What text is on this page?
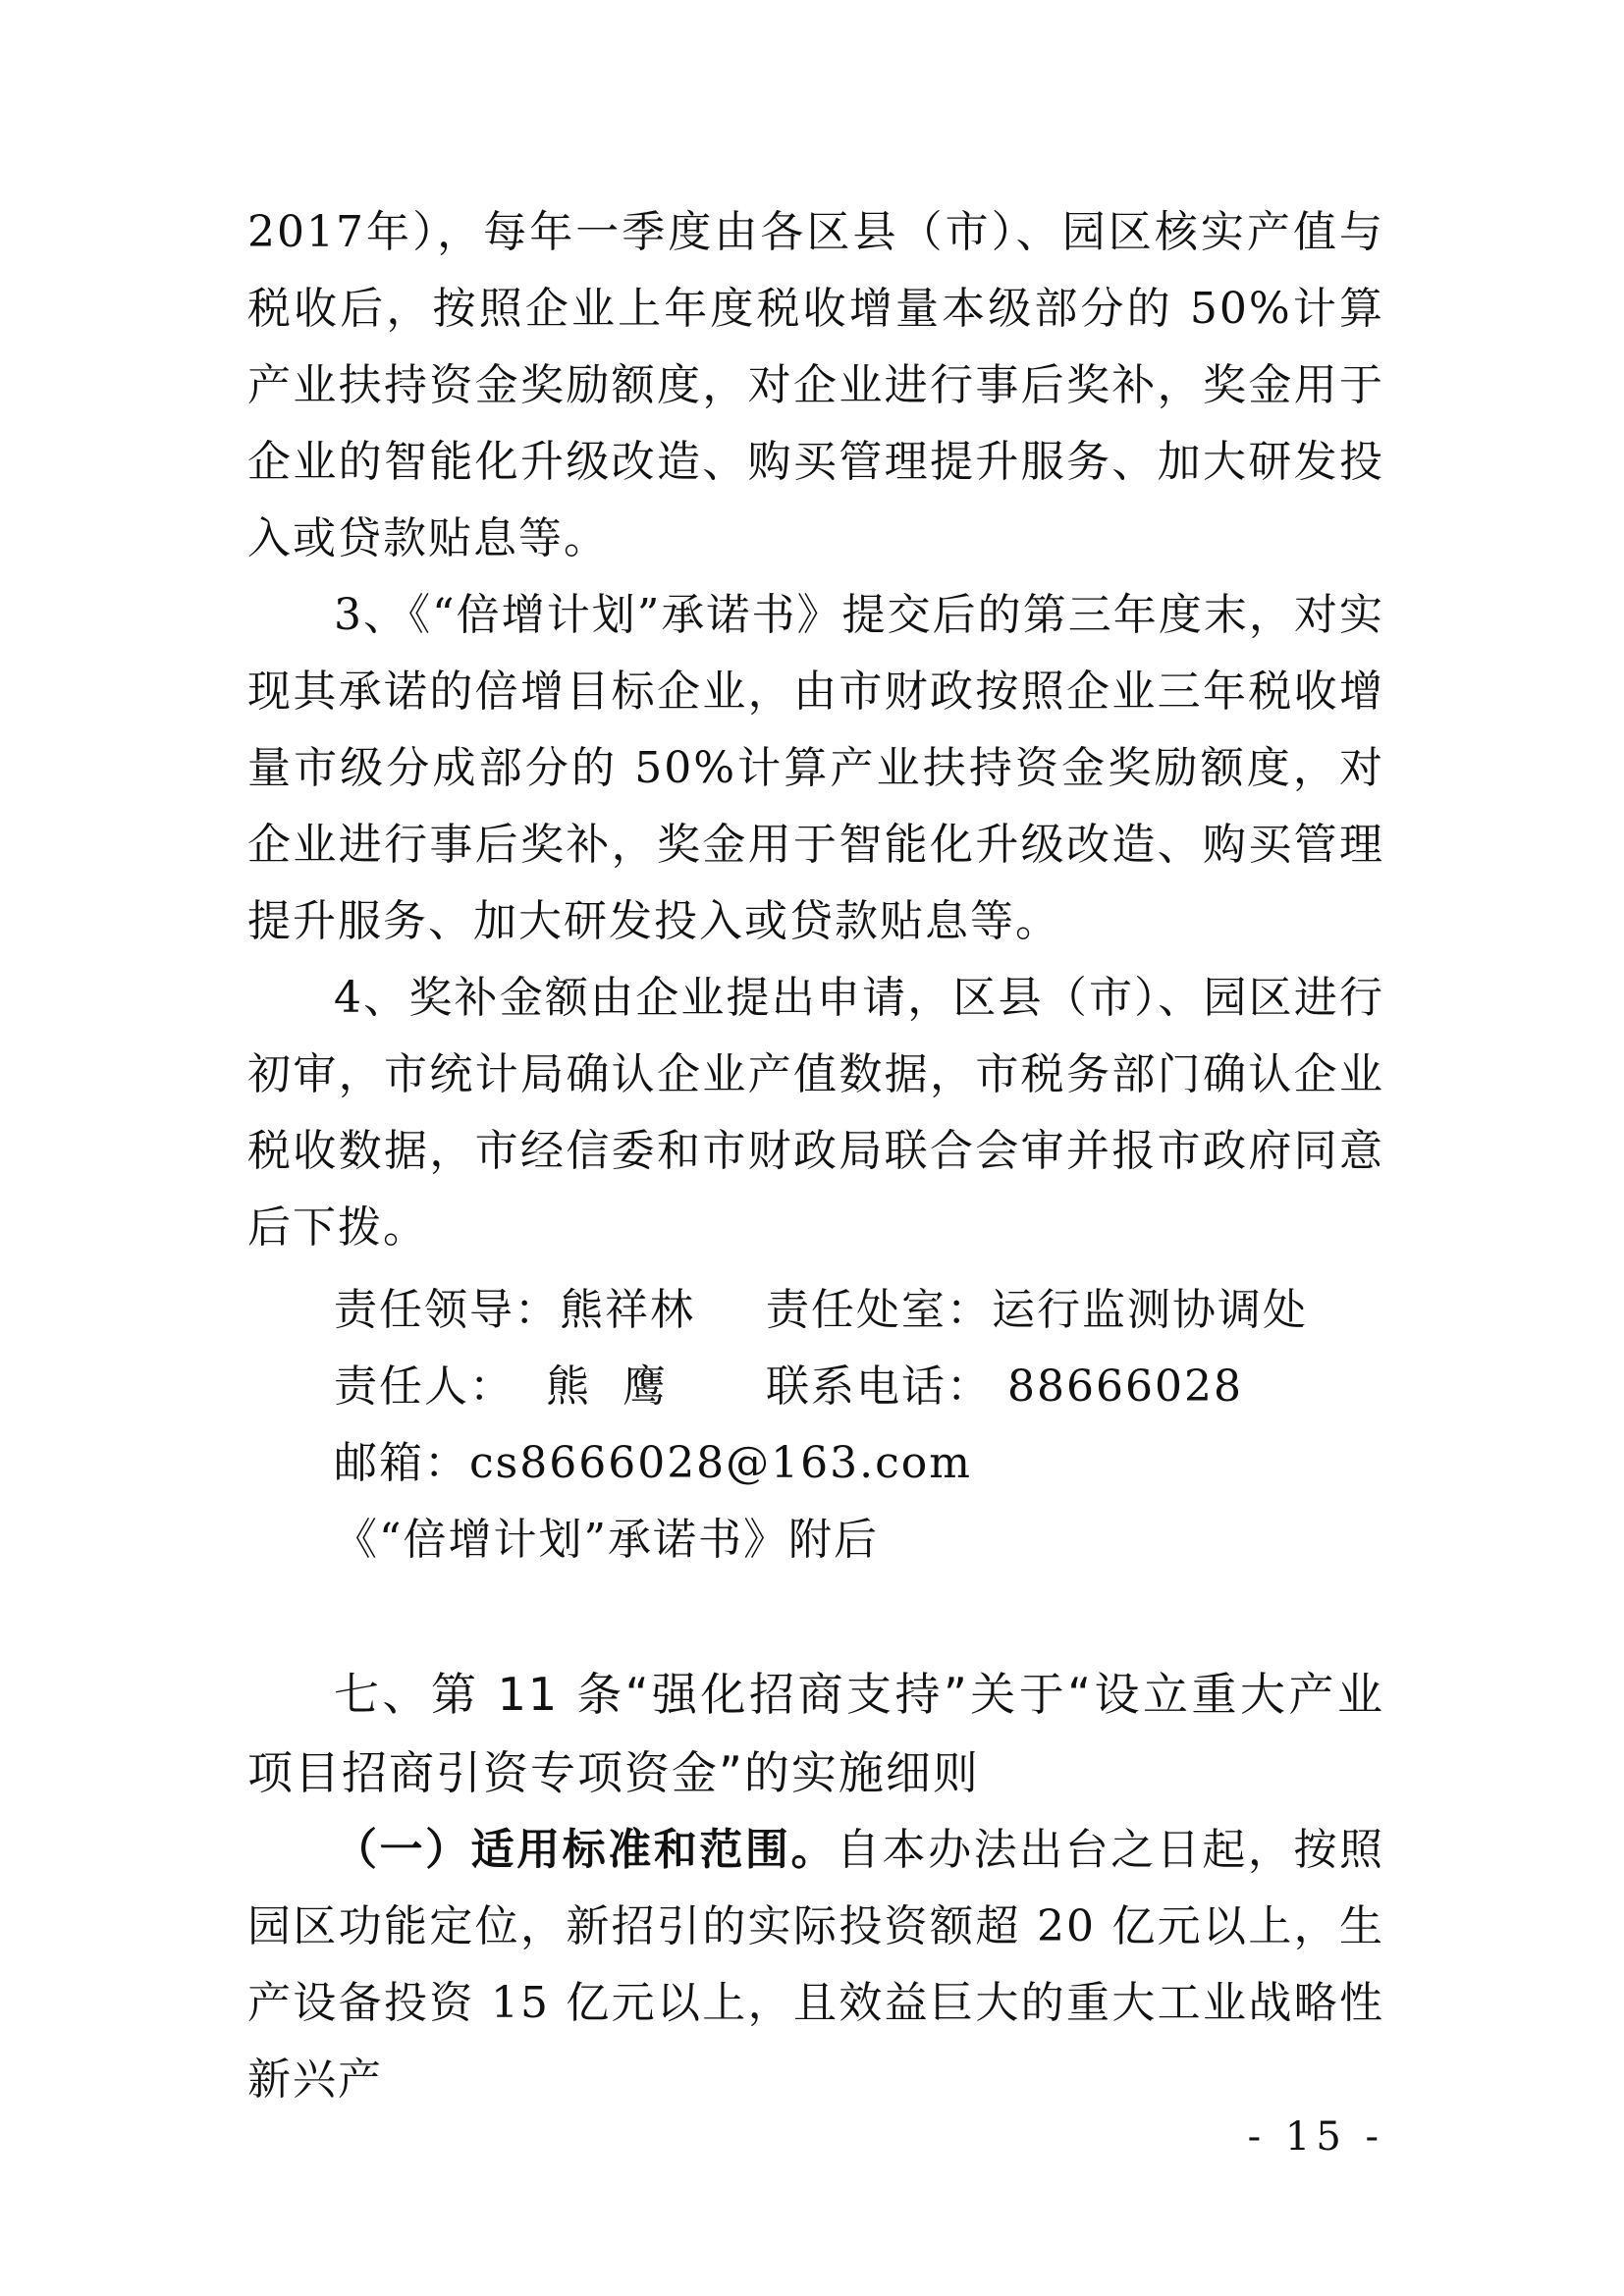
2017年），每年一季度由各区县（市）、园区核实产值与税收后，按照企业上年度税收增量本级部分的 50%计算产业扶持资金奖励额度，对企业进行事后奖补，奖金用于企业的智能化升级改造、购买管理提升服务、加大研发投入或贷款贴息等。

3、《“倍增计划”承诺书》提交后的第三年度末，对实现其承诺的倍增目标企业，由市财政按照企业三年税收增量市级分成部分的 50%计算产业扶持资金奖励额度，对企业进行事后奖补，奖金用于智能化升级改造、购买管理提升服务、加大研发投入或贷款贴息等。

4、奖补金额由企业提出申请，区县（市）、园区进行初审，市统计局确认企业产值数据，市税务部门确认企业税收数据，市经信委和市财政局联合会审并报市政府同意后下拨。

责任领导：熊祥林 责任处室：运行监测协调处
责任人：  熊  鹰 联系电话： 88666028
邮箱：cs8666028@163.com
《“倍增计划”承诺书》附后
七、第 11 条“强化招商支持”关于“设立重大产业项目招商引资专项资金”的实施细则

（一）适用标准和范围。自本办法出台之日起，按照园区功能定位，新招引的实际投资额超 20 亿元以上，生产设备投资 15 亿元以上，且效益巨大的重大工业战略性新兴产

- 15 -
